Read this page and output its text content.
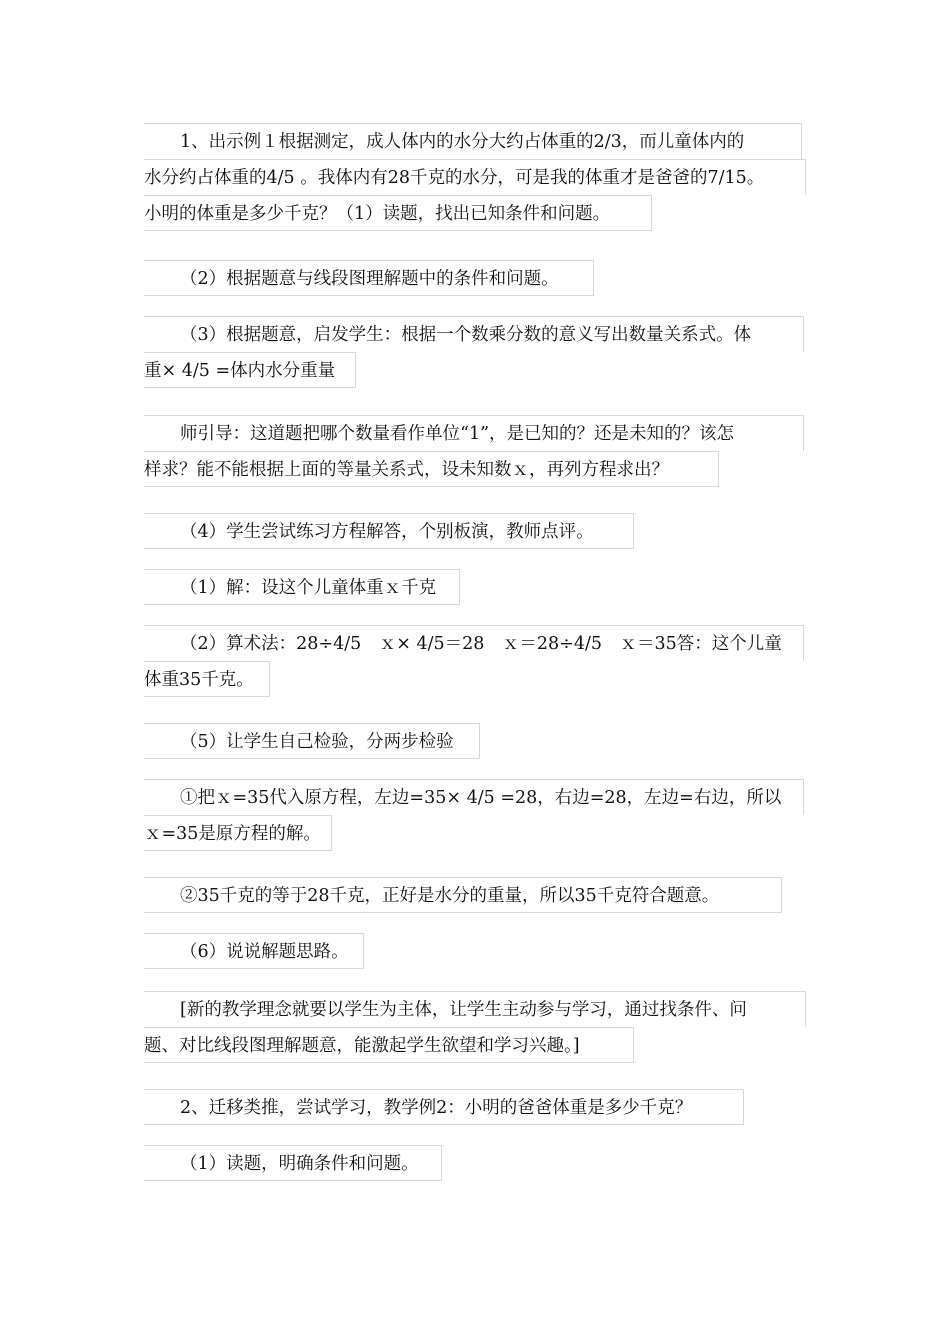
1、出示例１根据测定，成人体内的水分大约占体重的2/3，而儿童体内的
水分约占体重的4/5 。我体内有28千克的水分，可是我的体重才是爸爸的7/15。
小明的体重是多少千克？（1）读题，找出已知条件和问题。
（2）根据题意与线段图理解题中的条件和问题。
（3）根据题意，启发学生：根据一个数乘分数的意义写出数量关系式。体
重× 4/5 =体内水分重量
师引导：这道题把哪个数量看作单位“1”，是已知的？还是未知的？该怎
样求？能不能根据上面的等量关系式，设未知数ｘ，再列方程求出？
（4）学生尝试练习方程解答，个别板演，教师点评。
（1）解：设这个儿童体重ｘ千克
（2）算术法：28÷4/5　ｘ× 4/5＝28　ｘ＝28÷4/5　ｘ＝35答：这个儿童
体重35千克。
（5）让学生自己检验，分两步检验
①把ｘ=35代入原方程，左边=35× 4/5 =28，右边=28，左边=右边，所以
ｘ=35是原方程的解。
②35千克的等于28千克，正好是水分的重量，所以35千克符合题意。
（6）说说解题思路。
[新的教学理念就要以学生为主体，让学生主动参与学习，通过找条件、问
题、对比线段图理解题意，能激起学生欲望和学习兴趣。]
2、迁移类推，尝试学习，教学例2：小明的爸爸体重是多少千克？
（1）读题，明确条件和问题。
